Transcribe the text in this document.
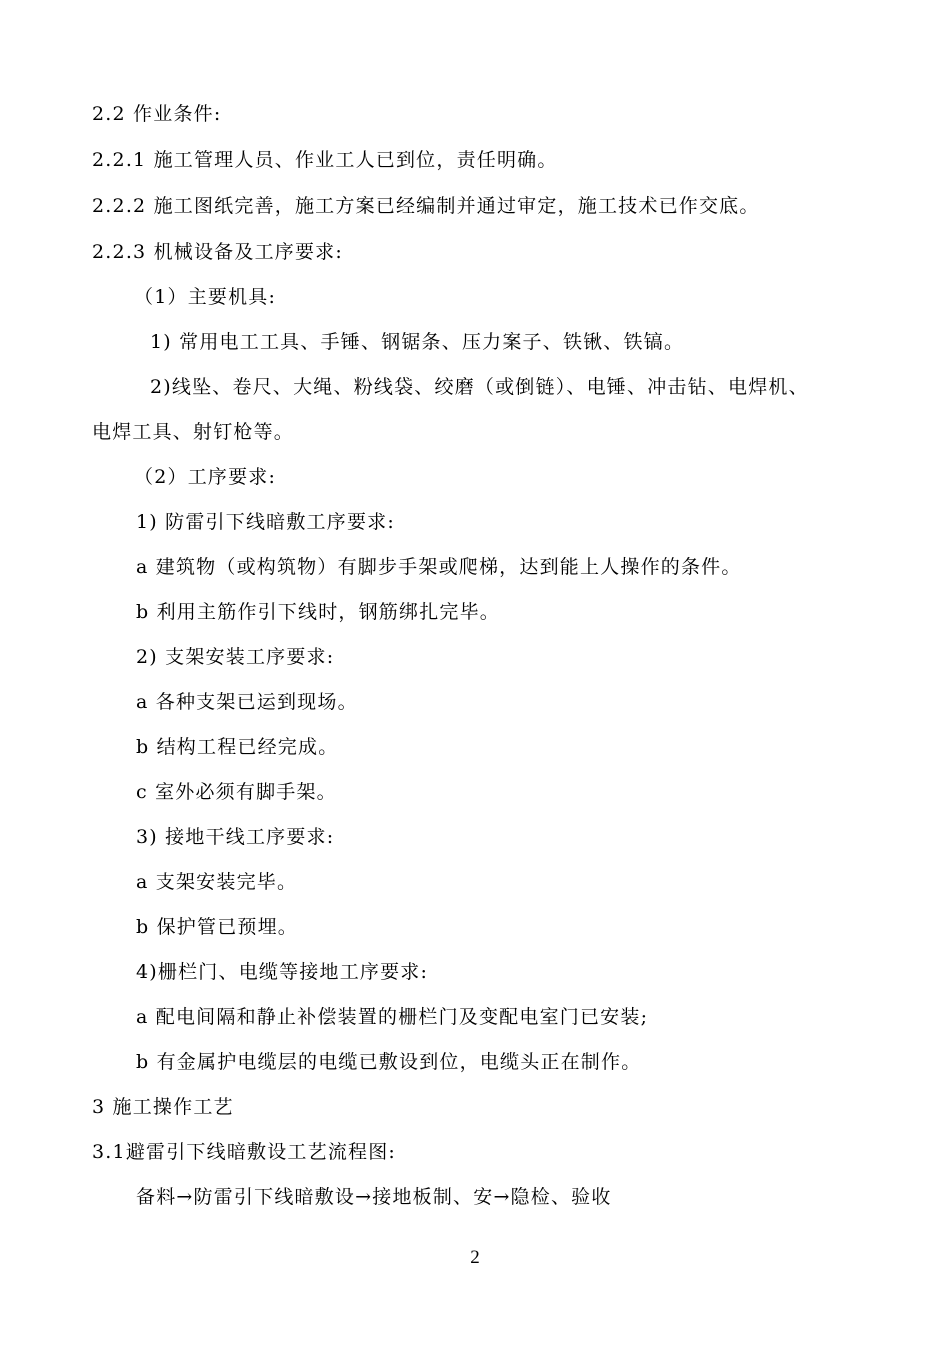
2.2 作业条件:
2.2.1 施工管理人员、作业工人已到位，责任明确。
2.2.2 施工图纸完善，施工方案已经编制并通过审定，施工技术已作交底。
2.2.3 机械设备及工序要求:
（1）主要机具:
1) 常用电工工具、手锤、钢锯条、压力案子、铁锹、铁镐。
2)线坠、卷尺、大绳、粉线袋、绞磨（或倒链）、电锤、冲击钻、电焊机、
电焊工具、射钉枪等。
（2）工序要求:
1) 防雷引下线暗敷工序要求:
a 建筑物（或构筑物）有脚步手架或爬梯，达到能上人操作的条件。
b 利用主筋作引下线时，钢筋绑扎完毕。
2) 支架安装工序要求:
a 各种支架已运到现场。
b 结构工程已经完成。
c 室外必须有脚手架。
3) 接地干线工序要求:
a 支架安装完毕。
b 保护管已预埋。
4)栅栏门、电缆等接地工序要求:
a 配电间隔和静止补偿装置的栅栏门及变配电室门已安装;
b 有金属护电缆层的电缆已敷设到位，电缆头正在制作。
3 施工操作工艺
3.1避雷引下线暗敷设工艺流程图:
备料→防雷引下线暗敷设→接地板制、安→隐检、验收
2
